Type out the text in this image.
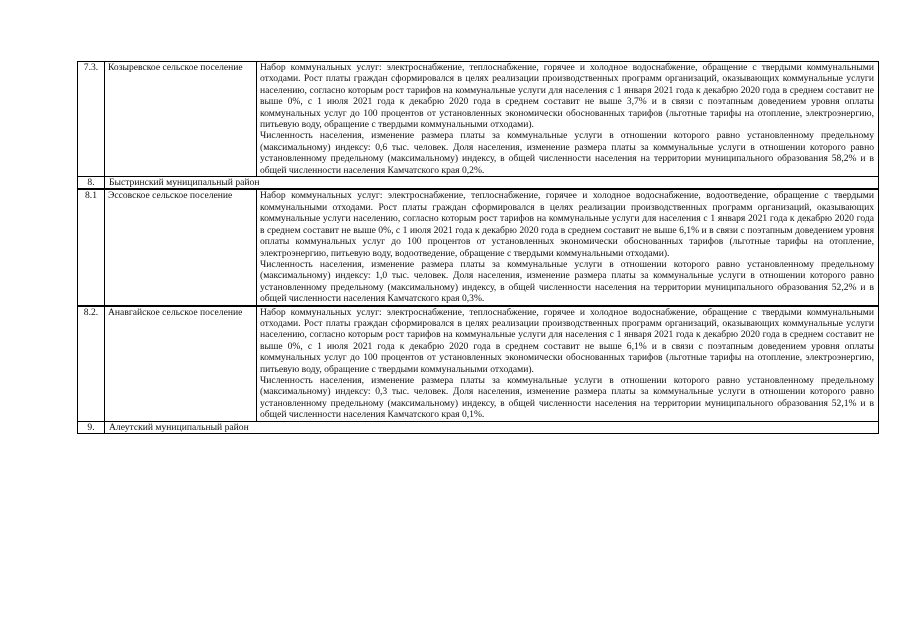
7.3.	Козыревское сельское поселение	Набор коммунальных услуг: электроснабжение, теплоснабжение, горячее и холодное водоснабжение, обращение с твердыми коммунальными отходами. Рост платы граждан сформировался в целях реализации производственных программ организаций, оказывающих коммунальные услуги населению, согласно которым рост тарифов на коммунальные услуги для населения с 1 января 2021 года к декабрю 2020 года в среднем составит не выше 0%, с 1 июля 2021 года к декабрю 2020 года в среднем составит не выше 3,7% и в связи с поэтапным доведением уровня оплаты коммунальных услуг до 100 процентов от установленных экономически обоснованных тарифов (льготные тарифы на отопление, электроэнергию, питьевую воду, обращение с твердыми коммунальными отходами).

Численность населения, изменение размера платы за коммунальные услуги в отношении которого равно установленному предельному (максимальному) индексу: 0,6 тыс. человек. Доля населения, изменение размера платы за коммунальные услуги в отношении которого равно установленному предельному (максимальному) индексу, в общей численности населения на территории муниципального образования 58,2% и в общей численности населения Камчатского края 0,2%.

8.	Быстринский муниципальный район	
8.1	Эссовское сельское поселение	Набор коммунальных услуг: электроснабжение, теплоснабжение, горячее и холодное водоснабжение, водоотведение, обращение с твердыми коммунальными отходами. Рост платы граждан сформировался в целях реализации производственных программ организаций, оказывающих коммунальные услуги населению, согласно которым рост тарифов на коммунальные услуги для населения с 1 января 2021 года к декабрю 2020 года в среднем составит не выше 0%, с 1 июля 2021 года к декабрю 2020 года в среднем составит не выше 6,1% и в связи с поэтапным доведением уровня оплаты коммунальных услуг до 100 процентов от установленных экономически обоснованных тарифов (льготные тарифы на отопление, электроэнергию, питьевую воду, водоотведение, обращение с твердыми коммунальными отходами).

Численность населения, изменение размера платы за коммунальные услуги в отношении которого равно установленному предельному (максимальному) индексу: 1,0 тыс. человек. Доля населения, изменение размера платы за коммунальные услуги в отношении которого равно установленному предельному (максимальному) индексу, в общей численности населения на территории муниципального образования 52,2% и в общей численности населения Камчатского края 0,3%.

8.2.	Анавгайское сельское поселение	Набор коммунальных услуг: электроснабжение, теплоснабжение, горячее и холодное водоснабжение, обращение с твердыми коммунальными отходами. Рост платы граждан сформировался в целях реализации производственных программ организаций, оказывающих коммунальные услуги населению, согласно которым рост тарифов на коммунальные услуги для населения с 1 января 2021 года к декабрю 2020 года в среднем составит не выше 0%, с 1 июля 2021 года к декабрю 2020 года в среднем составит не выше 6,1% и в связи с поэтапным доведением уровня оплаты коммунальных услуг до 100 процентов от установленных экономически обоснованных тарифов (льготные тарифы на отопление, электроэнергию, питьевую воду, обращение с твердыми коммунальными отходами).

Численность населения, изменение размера платы за коммунальные услуги в отношении которого равно установленному предельному (максимальному) индексу: 0,3 тыс. человек. Доля населения, изменение размера платы за коммунальные услуги в отношении которого равно установленному предельному (максимальному) индексу, в общей численности населения на территории муниципального образования 52,1% и в общей численности населения Камчатского края 0,1%.

9.	Алеутский муниципальный район	
